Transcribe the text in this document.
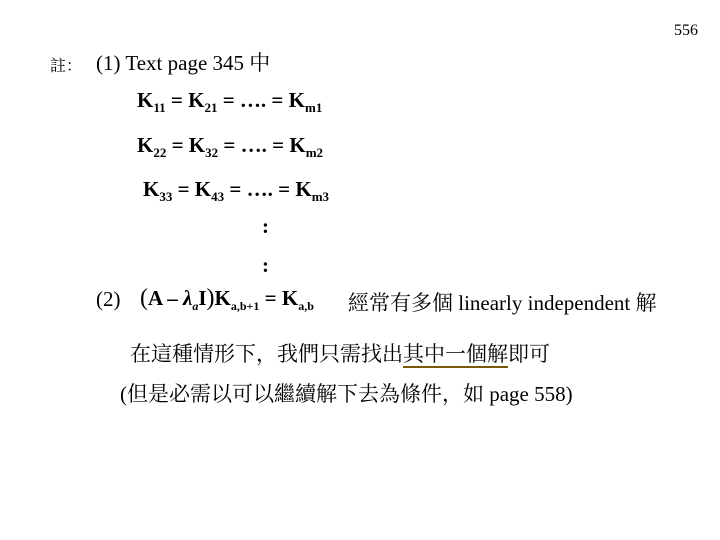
556
註： (1) Text page 345 中
$K_{11} = K_{21}$ = …. = $K_{m1}$
$K_{22} = K_{32}$ = …. = $K_{m2}$
$K_{33} = K_{43}$ = …. = $K_{m3}$
:
:
(2) $(A - \lambda_aI)K_{a,b+1} = K_{a,b}$ 經常有多個 linearly independent 解
在這種情形下，我們只需找出其中一個解即可
(但是必需以可以繼續解下去為條件，如 page 558)
